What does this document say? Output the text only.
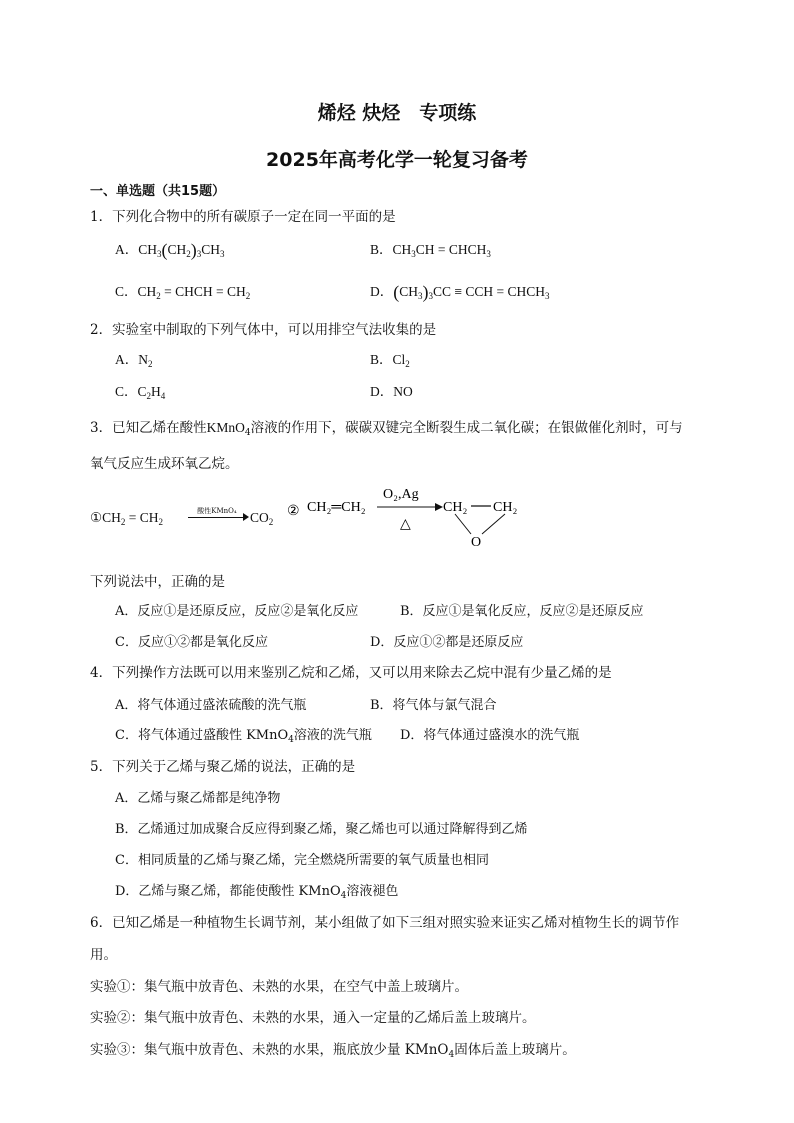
烯烃 炔烃　专项练
2025年高考化学一轮复习备考
一、单选题（共15题）
1．下列化合物中的所有碳原子一定在同一平面的是
A．$CH_3(CH_2)_3CH_3$	B．$CH_3CH$ = $CHCH_3$
C．$CH_2$ = CHCH = $CH_2$	D．$(CH_3)_3CC$ ≡ CCH = $CHCH_3$
2．实验室中制取的下列气体中，可以用排空气法收集的是
A．$N_2$	B．$Cl_2$
C．$C_2H_4$	D．NO
3．已知乙烯在酸性KMnO$_4$溶液的作用下，碳碳双键完全断裂生成二氧化碳；在银做催化剂时，可与
氧气反应生成环氧乙烷。
$①CH_2 = CH_2$
酸性KMnO₄ $CO_2$
② CH₂═CH₂
O₂,Ag
△
CH₂ CH₂
O
下列说法中，正确的是
A．反应①是还原反应，反应②是氧化反应	B．反应①是氧化反应，反应②是还原反应
C．反应①②都是氧化反应	D．反应①②都是还原反应
4．下列操作方法既可以用来鉴别乙烷和乙烯，又可以用来除去乙烷中混有少量乙烯的是
A．将气体通过盛浓硫酸的洗气瓶	B．将气体与氯气混合
C．将气体通过盛酸性 KMnO$_4$溶液的洗气瓶 D．将气体通过盛溴水的洗气瓶
5．下列关于乙烯与聚乙烯的说法，正确的是
A．乙烯与聚乙烯都是纯净物
B．乙烯通过加成聚合反应得到聚乙烯，聚乙烯也可以通过降解得到乙烯
C．相同质量的乙烯与聚乙烯，完全燃烧所需要的氧气质量也相同
D．乙烯与聚乙烯，都能使酸性 KMnO$_4$溶液褪色
6．已知乙烯是一种植物生长调节剂，某小组做了如下三组对照实验来证实乙烯对植物生长的调节作
用。
实验①：集气瓶中放青色、未熟的水果，在空气中盖上玻璃片。
实验②：集气瓶中放青色、未熟的水果，通入一定量的乙烯后盖上玻璃片。
实验③：集气瓶中放青色、未熟的水果，瓶底放少量 KMnO$_4$固体后盖上玻璃片。
